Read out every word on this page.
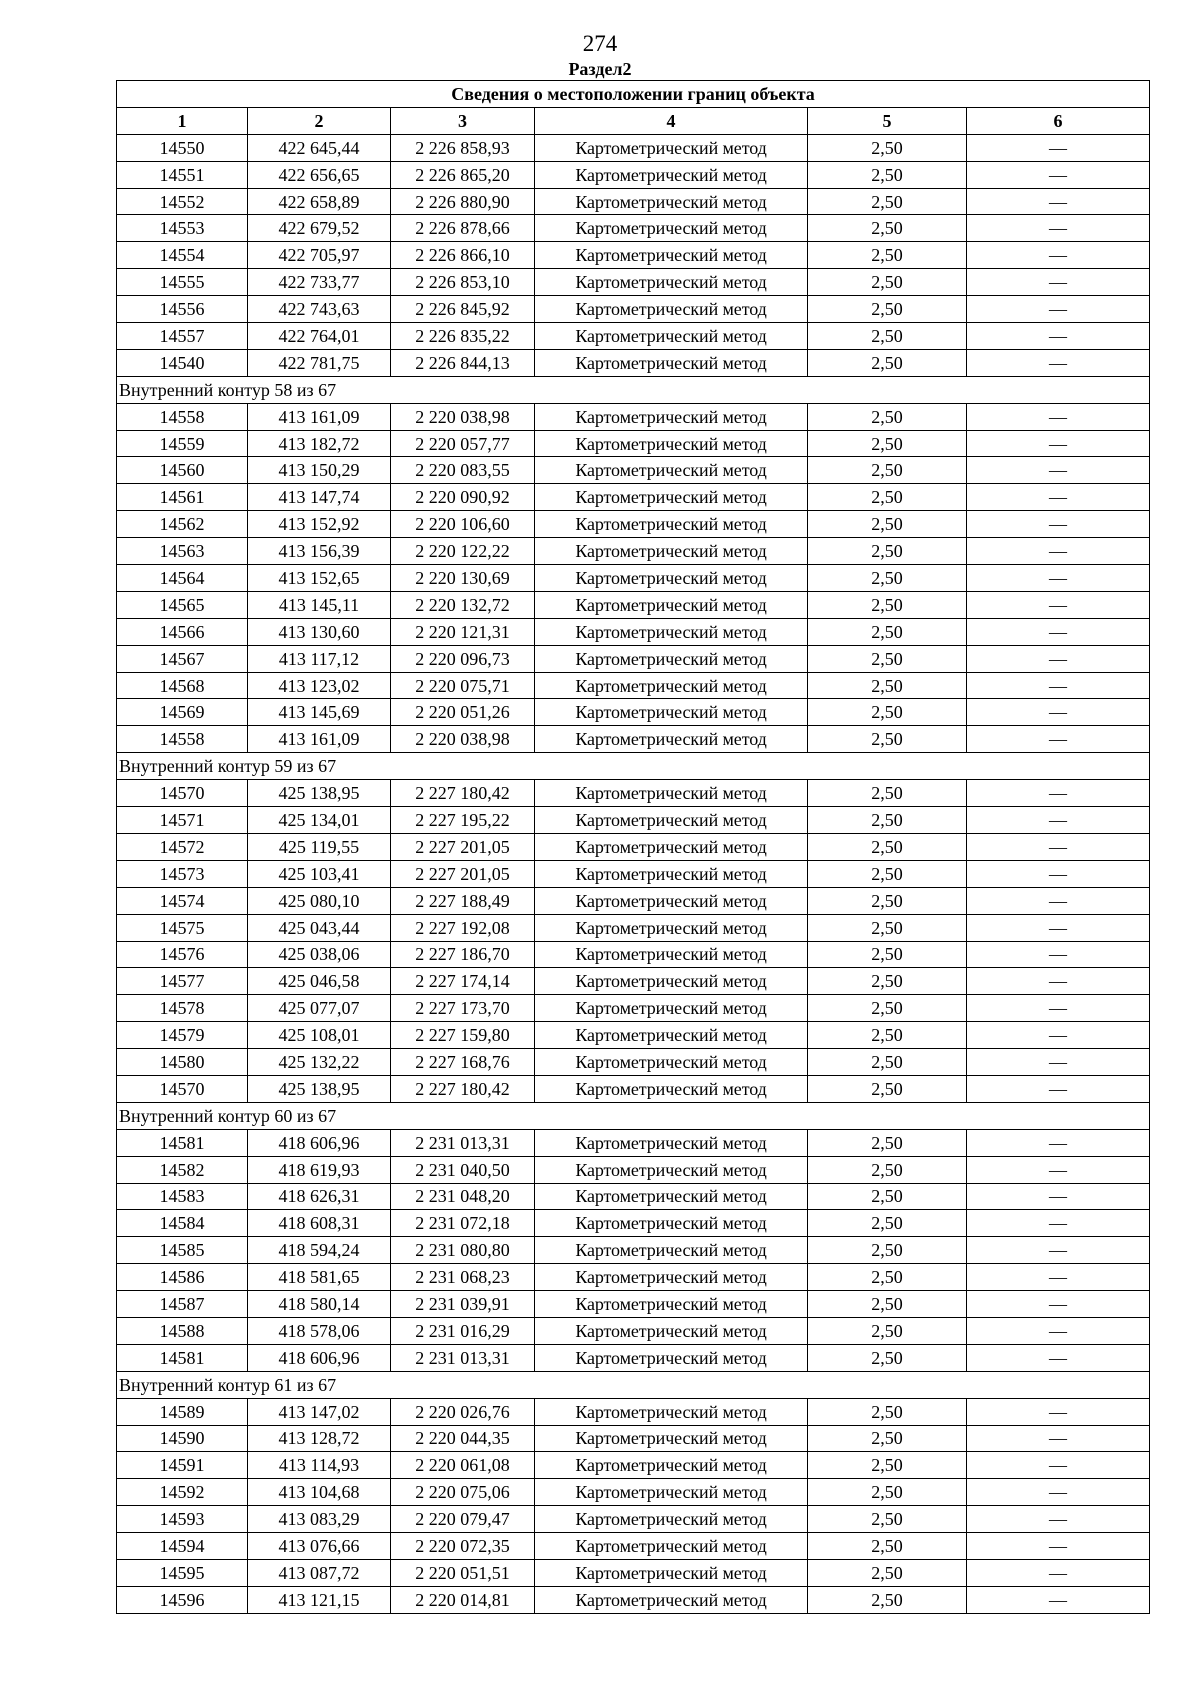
274
Раздел2
Сведения о местоположении границ объекта					
1	2	3	4	5	6
14550	422 645,44	2 226 858,93	Картометрический метод	2,50	—
14551	422 656,65	2 226 865,20	Картометрический метод	2,50	—
14552	422 658,89	2 226 880,90	Картометрический метод	2,50	—
14553	422 679,52	2 226 878,66	Картометрический метод	2,50	—
14554	422 705,97	2 226 866,10	Картометрический метод	2,50	—
14555	422 733,77	2 226 853,10	Картометрический метод	2,50	—
14556	422 743,63	2 226 845,92	Картометрический метод	2,50	—
14557	422 764,01	2 226 835,22	Картометрический метод	2,50	—
14540	422 781,75	2 226 844,13	Картометрический метод	2,50	—
Внутренний контур 58 из 67					
14558	413 161,09	2 220 038,98	Картометрический метод	2,50	—
14559	413 182,72	2 220 057,77	Картометрический метод	2,50	—
14560	413 150,29	2 220 083,55	Картометрический метод	2,50	—
14561	413 147,74	2 220 090,92	Картометрический метод	2,50	—
14562	413 152,92	2 220 106,60	Картометрический метод	2,50	—
14563	413 156,39	2 220 122,22	Картометрический метод	2,50	—
14564	413 152,65	2 220 130,69	Картометрический метод	2,50	—
14565	413 145,11	2 220 132,72	Картометрический метод	2,50	—
14566	413 130,60	2 220 121,31	Картометрический метод	2,50	—
14567	413 117,12	2 220 096,73	Картометрический метод	2,50	—
14568	413 123,02	2 220 075,71	Картометрический метод	2,50	—
14569	413 145,69	2 220 051,26	Картометрический метод	2,50	—
14558	413 161,09	2 220 038,98	Картометрический метод	2,50	—
Внутренний контур 59 из 67					
14570	425 138,95	2 227 180,42	Картометрический метод	2,50	—
14571	425 134,01	2 227 195,22	Картометрический метод	2,50	—
14572	425 119,55	2 227 201,05	Картометрический метод	2,50	—
14573	425 103,41	2 227 201,05	Картометрический метод	2,50	—
14574	425 080,10	2 227 188,49	Картометрический метод	2,50	—
14575	425 043,44	2 227 192,08	Картометрический метод	2,50	—
14576	425 038,06	2 227 186,70	Картометрический метод	2,50	—
14577	425 046,58	2 227 174,14	Картометрический метод	2,50	—
14578	425 077,07	2 227 173,70	Картометрический метод	2,50	—
14579	425 108,01	2 227 159,80	Картометрический метод	2,50	—
14580	425 132,22	2 227 168,76	Картометрический метод	2,50	—
14570	425 138,95	2 227 180,42	Картометрический метод	2,50	—
Внутренний контур 60 из 67					
14581	418 606,96	2 231 013,31	Картометрический метод	2,50	—
14582	418 619,93	2 231 040,50	Картометрический метод	2,50	—
14583	418 626,31	2 231 048,20	Картометрический метод	2,50	—
14584	418 608,31	2 231 072,18	Картометрический метод	2,50	—
14585	418 594,24	2 231 080,80	Картометрический метод	2,50	—
14586	418 581,65	2 231 068,23	Картометрический метод	2,50	—
14587	418 580,14	2 231 039,91	Картометрический метод	2,50	—
14588	418 578,06	2 231 016,29	Картометрический метод	2,50	—
14581	418 606,96	2 231 013,31	Картометрический метод	2,50	—
Внутренний контур 61 из 67					
14589	413 147,02	2 220 026,76	Картометрический метод	2,50	—
14590	413 128,72	2 220 044,35	Картометрический метод	2,50	—
14591	413 114,93	2 220 061,08	Картометрический метод	2,50	—
14592	413 104,68	2 220 075,06	Картометрический метод	2,50	—
14593	413 083,29	2 220 079,47	Картометрический метод	2,50	—
14594	413 076,66	2 220 072,35	Картометрический метод	2,50	—
14595	413 087,72	2 220 051,51	Картометрический метод	2,50	—
14596	413 121,15	2 220 014,81	Картометрический метод	2,50	—
